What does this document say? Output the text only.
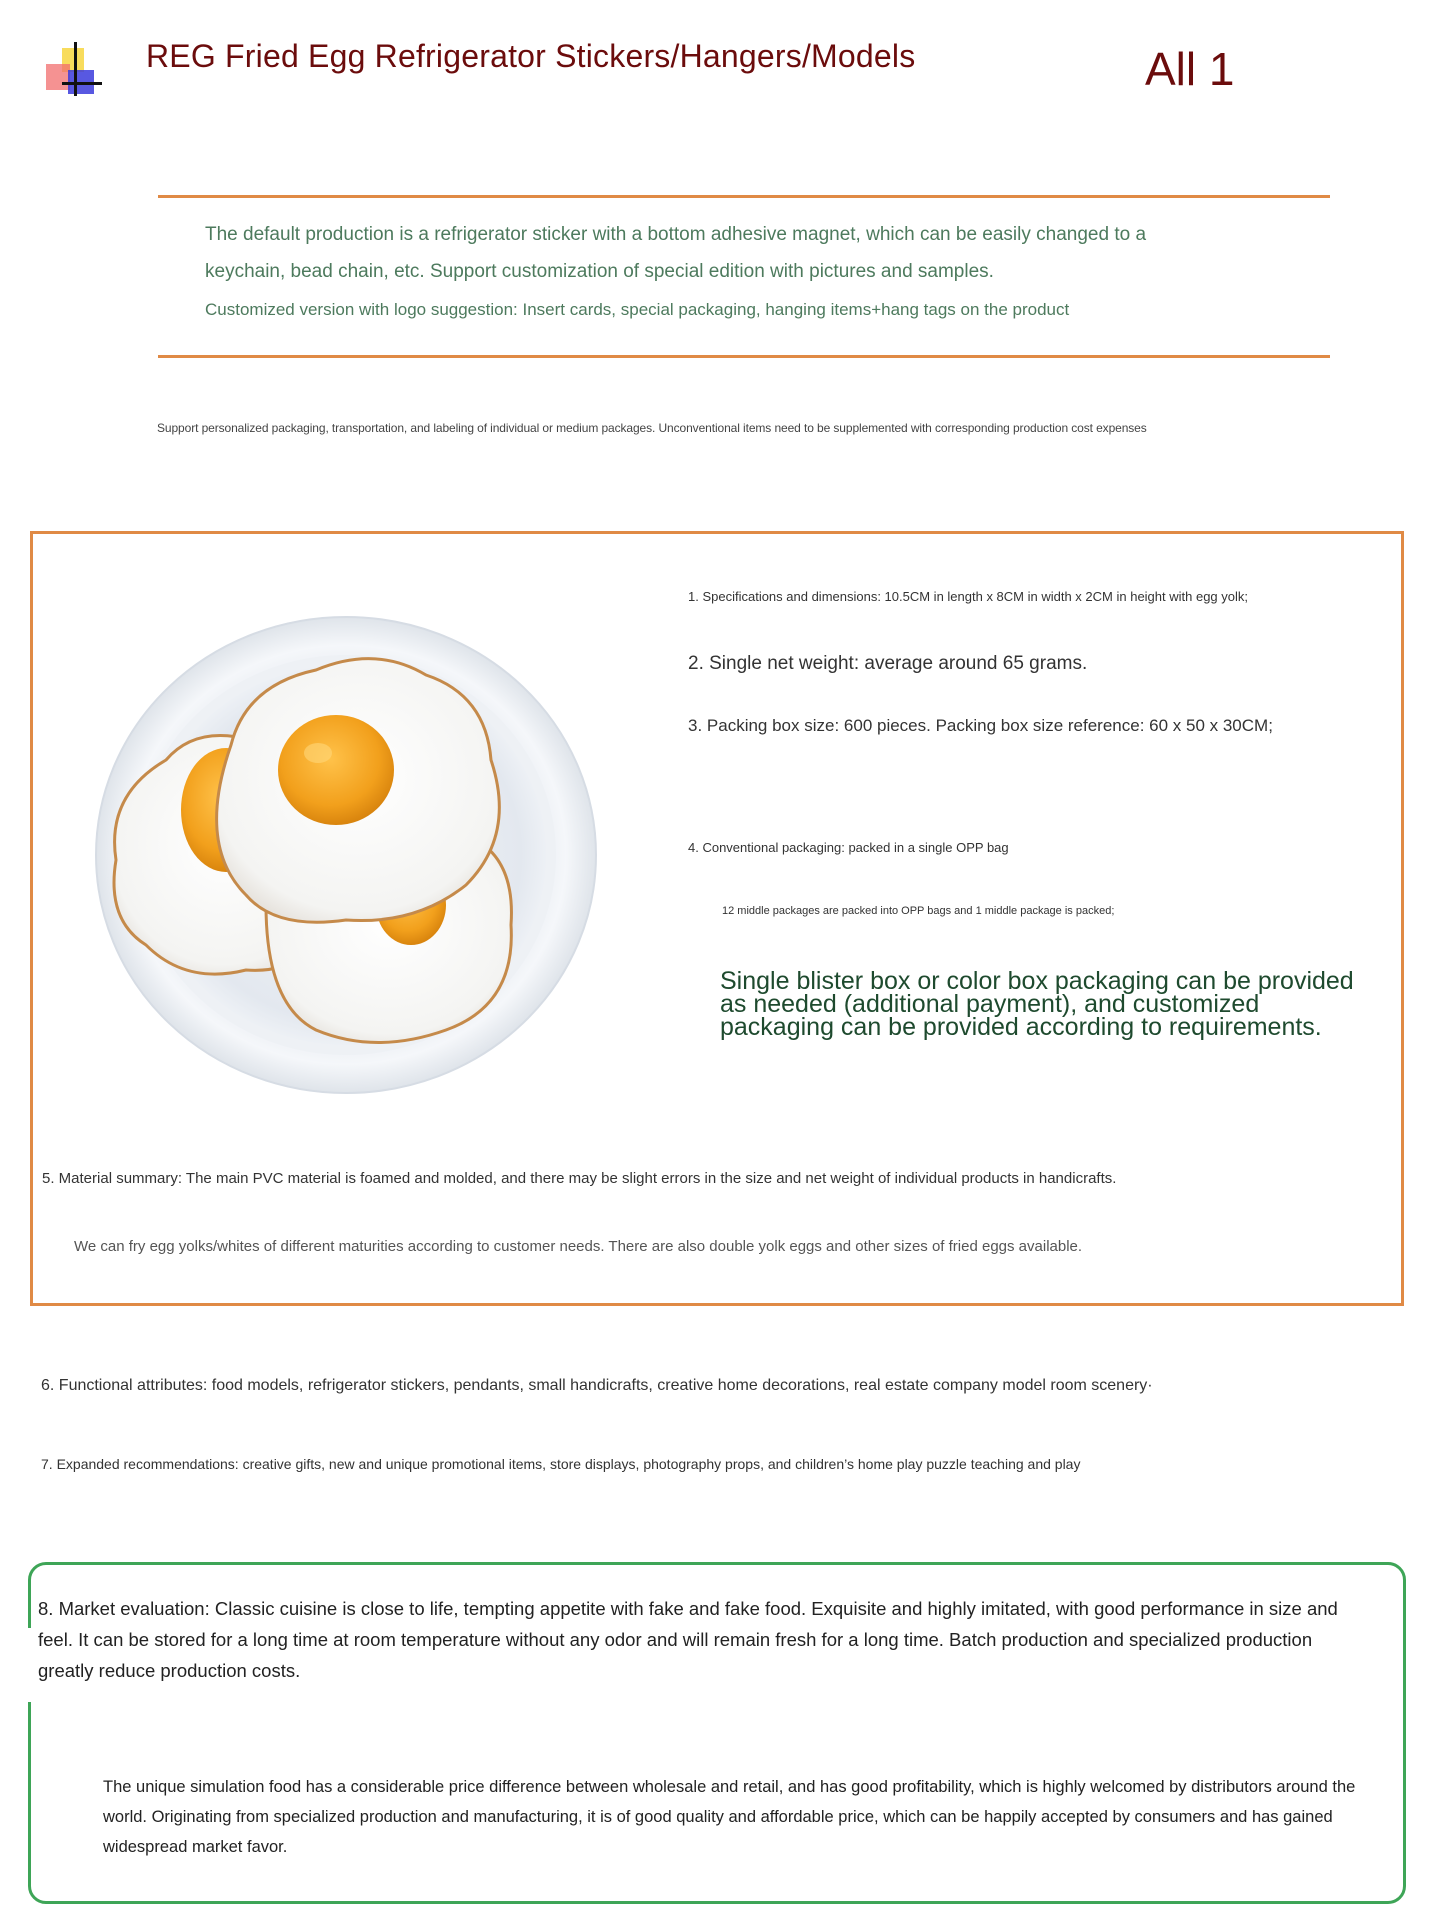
REG Fried Egg Refrigerator Stickers/Hangers/Models	All 1
The default production is a refrigerator sticker with a bottom adhesive magnet, which can be easily changed to a keychain, bead chain, etc. Support customization of special edition with pictures and samples.
Customized version with logo suggestion: Insert cards, special packaging, hanging items+hang tags on the product
Support personalized packaging, transportation, and labeling of individual or medium packages. Unconventional items need to be supplemented with corresponding production cost expenses
1. Specifications and dimensions: 10.5CM in length x 8CM in width x 2CM in height with egg yolk;
2. Single net weight: average around 65 grams.
3. Packing box size: 600 pieces. Packing box size reference: 60 x 50 x 30CM;
4. Conventional packaging: packed in a single OPP bag
12 middle packages are packed into OPP bags and 1 middle package is packed;
Single blister box or color box packaging can be provided as needed (additional payment), and customized packaging can be provided according to requirements.
5. Material summary: The main PVC material is foamed and molded, and there may be slight errors in the size and net weight of individual products in handicrafts.
We can fry egg yolks/whites of different maturities according to customer needs. There are also double yolk eggs and other sizes of fried eggs available.
6. Functional attributes: food models, refrigerator stickers, pendants, small handicrafts, creative home decorations, real estate company model room scenery·
7. Expanded recommendations: creative gifts, new and unique promotional items, store displays, photography props, and children’s home play puzzle teaching and play
8. Market evaluation: Classic cuisine is close to life, tempting appetite with fake and fake food. Exquisite and highly imitated, with good performance in size and feel. It can be stored for a long time at room temperature without any odor and will remain fresh for a long time. Batch production and specialized production greatly reduce production costs.
The unique simulation food has a considerable price difference between wholesale and retail, and has good profitability, which is highly welcomed by distributors around the world. Originating from specialized production and manufacturing, it is of good quality and affordable price, which can be happily accepted by consumers and has gained widespread market favor.
